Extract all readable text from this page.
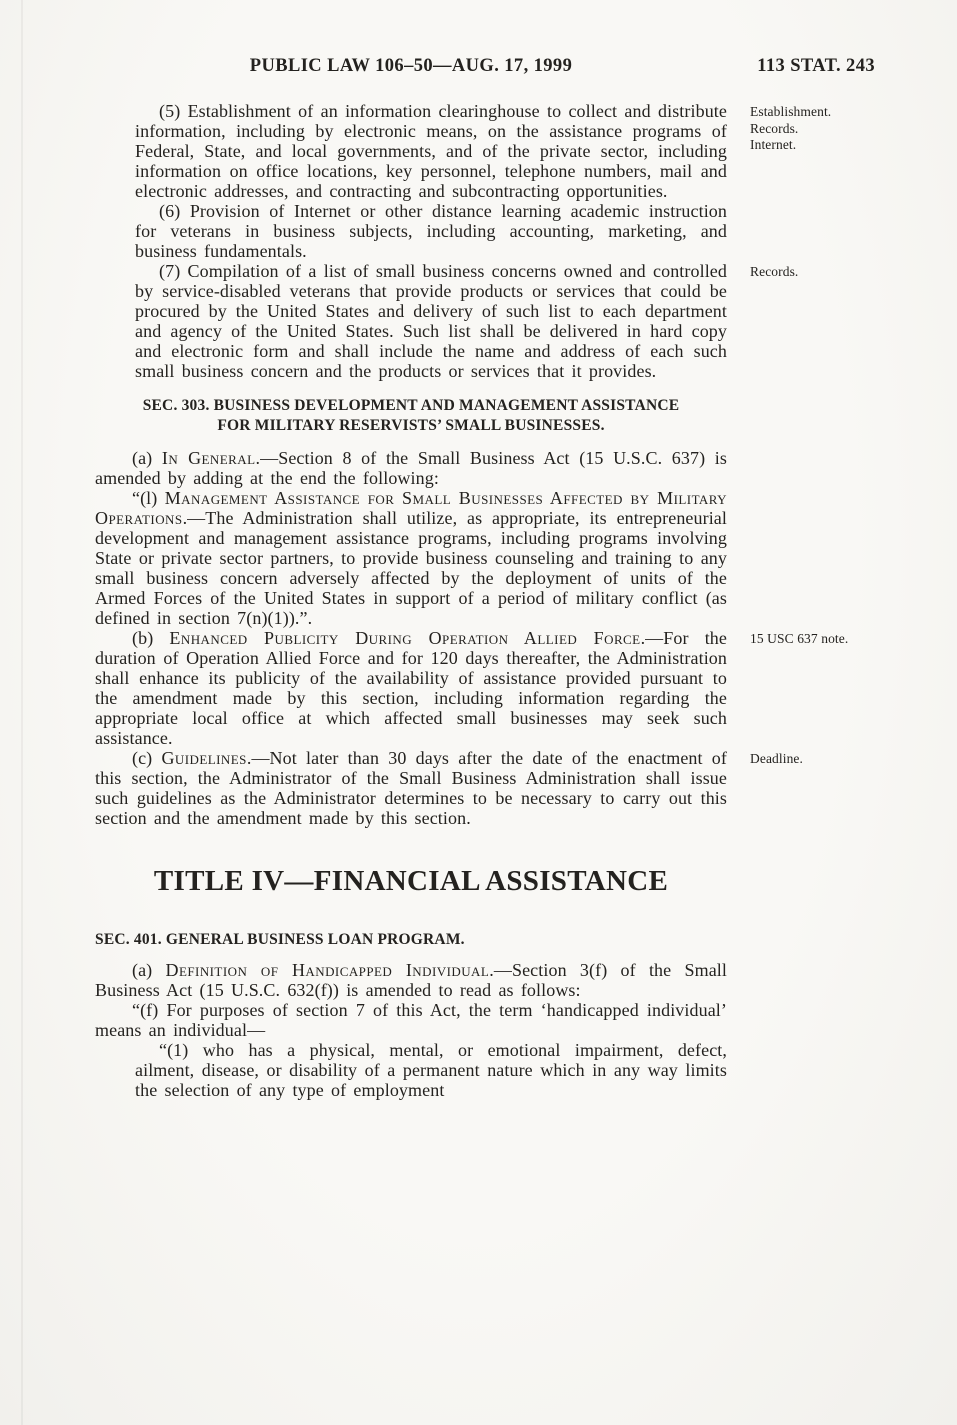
PUBLIC LAW 106–50—AUG. 17, 1999	113 STAT. 243

(5) Establishment of an information clearinghouse to collect and distribute information, including by electronic means, on the assistance programs of Federal, State, and local governments, and of the private sector, including information on office locations, key personnel, telephone numbers, mail and electronic addresses, and contracting and subcontracting opportunities.

Establishment.
Records.
Internet.

(6) Provision of Internet or other distance learning academic instruction for veterans in business subjects, including accounting, marketing, and business fundamentals.

(7) Compilation of a list of small business concerns owned and controlled by service-disabled veterans that provide products or services that could be procured by the United States and delivery of such list to each department and agency of the United States. Such list shall be delivered in hard copy and electronic form and shall include the name and address of each such small business concern and the products or services that it provides.

Records.
SEC. 303. BUSINESS DEVELOPMENT AND MANAGEMENT ASSISTANCE
FOR MILITARY RESERVISTS’ SMALL BUSINESSES.

(a) In General.—Section 8 of the Small Business Act (15 U.S.C. 637) is amended by adding at the end the following:

“(l) Management Assistance for Small Businesses Affected by Military Operations.—The Administration shall utilize, as appropriate, its entrepreneurial development and management assistance programs, including programs involving State or private sector partners, to provide business counseling and training to any small business concern adversely affected by the deployment of units of the Armed Forces of the United States in support of a period of military conflict (as defined in section 7(n)(1)).”.

(b) Enhanced Publicity During Operation Allied Force.—For the duration of Operation Allied Force and for 120 days thereafter, the Administration shall enhance its publicity of the availability of assistance provided pursuant to the amendment made by this section, including information regarding the appropriate local office at which affected small businesses may seek such assistance.

15 USC 637 note.

(c) Guidelines.—Not later than 30 days after the date of the enactment of this section, the Administrator of the Small Business Administration shall issue such guidelines as the Administrator determines to be necessary to carry out this section and the amendment made by this section.

Deadline.
TITLE IV—FINANCIAL ASSISTANCE
SEC. 401. GENERAL BUSINESS LOAN PROGRAM.

(a) Definition of Handicapped Individual.—Section 3(f) of the Small Business Act (15 U.S.C. 632(f)) is amended to read as follows:

“(f) For purposes of section 7 of this Act, the term ‘handicapped individual’ means an individual—

“(1) who has a physical, mental, or emotional impairment, defect, ailment, disease, or disability of a permanent nature which in any way limits the selection of any type of employment
